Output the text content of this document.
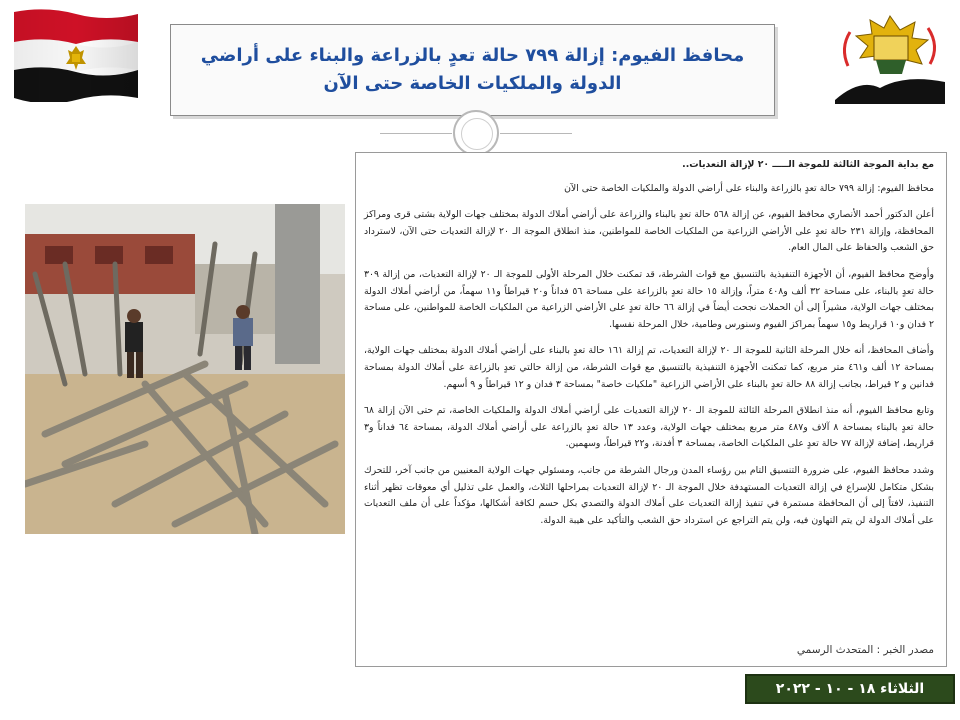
محافظ الفيوم: إزالة ٧٩٩ حالة تعدٍ بالزراعة والبناء على أراضي الدولة والملكيات الخاصة حتى الآن

مع بداية الموجة الثالثة للموجة الـــــ ٢٠ لإزالة التعديات..

محافظ الفيوم: إزالة ٧٩٩ حالة تعدٍ بالزراعة والبناء على أراضي الدولة والملكيات الخاصة حتى الآن

أعلن الدكتور أحمد الأنصاري محافظ الفيوم، عن إزالة ٥٦٨ حالة تعدٍ بالبناء والزراعة على أراضي أملاك الدولة بمختلف جهات الولاية بشتى قرى ومراكز المحافظة، وإزالة ٢٣١ حالة تعدٍ على الأراضي الزراعية من الملكيات الخاصة للمواطنين، منذ انطلاق الموجة الـ ٢٠ لإزالة التعديات حتى الآن، لاسترداد حق الشعب والحفاظ على المال العام.

وأوضح محافظ الفيوم، أن الأجهزة التنفيذية بالتنسيق مع قوات الشرطة، قد تمكنت خلال المرحلة الأولى للموجة الـ ٢٠ لإزالة التعديات، من إزالة ٣٠٩ حالة تعدٍ بالبناء، على مساحة ٣٢ ألف و٤٠٨ متراً، وإزالة ١٥ حالة تعدٍ بالزراعة على مساحة ٥٦ فداناً و٢٠ قيراطاً و١١ سهماً، من أراضي أملاك الدولة بمختلف جهات الولاية، مشيراً إلى أن الحملات نجحت أيضاً في إزالة ٦٦ حالة تعدٍ على الأراضي الزراعية من الملكيات الخاصة للمواطنين، على مساحة ٢ فدان و١٠ قراريط و١٥ سهماً بمراكز الفيوم وسنورس وطامية، خلال المرحلة نفسها.

وأضاف المحافظ، أنه خلال المرحلة الثانية للموجة الـ ٢٠ لإزالة التعديات، تم إزالة ١٦١ حالة تعدٍ بالبناء على أراضي أملاك الدولة بمختلف جهات الولاية، بمساحة ١٢ ألف و٤٦١ متر مربع، كما تمكنت الأجهزة التنفيذية بالتنسيق مع قوات الشرطة، من إزالة حالتي تعدٍ بالزراعة على أملاك الدولة بمساحة فدانين و ٢ قيراط، بجانب إزالة ٨٨ حالة تعدٍ بالبناء على الأراضي الزراعية "ملكيات خاصة" بمساحة ٣ فدان و ١٢ قيراطاً و ٩ أسهم.

وتابع محافظ الفيوم، أنه منذ انطلاق المرحلة الثالثة للموجة الـ ٢٠ لإزالة التعديات على أراضي أملاك الدولة والملكيات الخاصة، تم حتى الآن إزالة ٦٨ حالة تعدٍ بالبناء بمساحة ٨ آلاف و٤٨٧ متر مربع بمختلف جهات الولاية، وعدد ١٣ حالة تعدٍ بالزراعة على أراضي أملاك الدولة، بمساحة ٦٤ فداناً و٣ قراريط، إضافة لإزالة ٧٧ حالة تعدٍ على الملكيات الخاصة، بمساحة ٣ أفدنة، و٢٢ قيراطاً، وسهمين.

وشدد محافظ الفيوم، على ضرورة التنسيق التام بين رؤساء المدن ورجال الشرطة من جانب، ومسئولي جهات الولاية المعنيين من جانب آخر، للتحرك بشكل متكامل للإسراع في إزالة التعديات المستهدفة خلال الموجة الـ ٢٠ لإزالة التعديات بمراحلها الثلاث، والعمل على تذليل أي معوقات تظهر أثناء التنفيذ، لافتاً إلى أن المحافظة مستمرة في تنفيذ إزالة التعديات على أملاك الدولة والتصدي بكل حسم لكافة أشكالها، مؤكداً على أن ملف التعديات على أملاك الدولة لن يتم التهاون فيه، ولن يتم التراجع عن استرداد حق الشعب والتأكيد على هيبة الدولة.

مصدر الخبر : المتحدث الرسمي
الثلاثاء ١٨ - ١٠ - ٢٠٢٢
